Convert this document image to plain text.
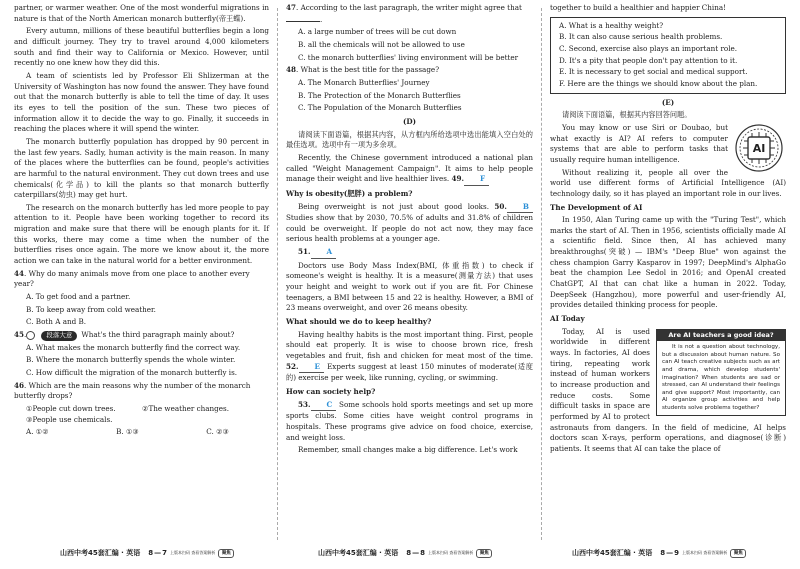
partner, or warmer weather. One of the most wonderful migrations in nature is that of the North American monarch butterfly(帝王蝶).

Every autumn, millions of these beautiful butterflies begin a long and difficult journey. They try to travel around 4,000 kilometers south and find their way to California or Mexico. However, until recently no one knew how they did this.

A team of scientists led by Professor Eli Shlizerman at the University of Washington has now found the answer. They have found out that the monarch butterfly is able to tell the time of day. It uses its eyes to tell the position of the sun. These two pieces of information allow it to decide the way to go. Finally, it succeeds in reaching the places where it will spend the winter.

The monarch butterfly population has dropped by 90 percent in the last few years. Sadly, human activity is the main reason. In many of the places where the butterflies can be found, people's activities are harmful to the natural environment. They cut down trees and use chemicals(化学品) to kill the plants so that monarch butterfly caterpillars(幼虫) may get hurt.

The research on the monarch butterfly has led more people to pay attention to it. People have been working together to record its migration and make sure that there will be enough plants for it. If this works, there may come a time when the number of the butterflies rises once again. The more we know about it, the more action we can take in the natural world for a better environment.

44. Why do many animals move from one place to another every year?
A. To get food and a partner.
B. To keep away from cold weather.
C. Both A and B.
45.	段落大意 What's the third paragraph mainly about?
A. What makes the monarch butterfly find the correct way.
B. Where the monarch butterfly spends the whole winter.
C. How difficult the migration of the monarch butterfly is.
46. Which are the main reasons why the number of the monarch butterfly drops?
①People cut down trees.	②The weather changes.
③People use chemicals.
A. ①②	B. ①③	C. ②③
47. According to the last paragraph, the writer might agree that .
A. a large number of trees will be cut down
B. all the chemicals will not be allowed to use
C. the monarch butterflies' living environment will be better
48. What is the best title for the passage?
A. The Monarch Butterflies' Journey
B. The Protection of the Monarch Butterflies
C. The Population of the Monarch Butterflies
(D)

请阅读下面语篇，根据其内容，从方框内所给选项中选出能填入空白处的最佳选项。选项中有一项为多余项。

Recently, the Chinese government introduced a national plan called "Weight Management Campaign". It aims to help people manage their weight and live healthier lives. 49. F

Why is obesity(肥胖) a problem?

Being overweight is not just about good looks. 50. B Studies show that by 2030, 70.5% of adults and 31.8% of children could be overweight. If people do not act now, they may face serious health problems at a younger age.

51. A

Doctors use Body Mass Index(BMI, 体重指数) to check if someone's weight is healthy. It is a measure(测量方法) that uses your height and weight to work out if you are fit. For Chinese teenagers, a BMI between 15 and 22 is healthy. However, a BMI of 23 means overweight, and over 26 means obesity.

What should we do to keep healthy?

Having healthy habits is the most important thing. First, people should eat properly. It is wise to choose brown rice, fresh vegetables and fruit, fish and chicken for meat most of the time. 52. E Experts suggest at least 150 minutes of moderate(适度的) exercise per week, like running, cycling, or swimming.

How can society help?

53. C Some schools hold sports meetings and set up more sports clubs. Some cities have weight control programs in hospitals. These programs give advice on food choice, exercise, and weight loss.

Remember, small changes make a big difference. Let's work

together to build a healthier and happier China!

A. What is a healthy weight?
B. It can also cause serious health problems.
C. Second, exercise also plays an important role.
D. It's a pity that people don't pay attention to it.
E. It is necessary to get social and medical support.
F. Here are the things we should know about the plan.
(E)

请阅读下面语篇，根据其内容回答问题。

AI

You may know or use Siri or Doubao, but what exactly is AI? AI refers to computer systems that are able to perform tasks that usually require human intelligence.

Without realizing it, people all over the world use different forms of Artificial Intelligence (AI) technology daily, so it has played an important role in our lives.

The Development of AI

In 1950, Alan Turing came up with the "Turing Test", which marks the start of AI. Then in 1956, scientists officially made AI a scientific field. Since then, AI has achieved many breakthroughs(突破) — IBM's "Deep Blue" won against the chess champion Garry Kasparov in 1997; DeepMind's AlphaGo beat the champion Lee Sedol in 2016; and OpenAI created ChatGPT, AI that can chat like a human in 2022. Today, DeepSeek (Hangzhou), more powerful and user-friendly AI, provides detailed thinking process for people.

AI Today
Are AI teachers a good idea?
It is not a question about technology, but a discussion about human nature. So can AI teach creative subjects such as art and drama, which develop students' imagination? When students are sad or stressed, can AI understand their feelings and give support? Most importantly, can AI organize group activities and help students solve problems together?

Today, AI is used worldwide in different ways. In factories, AI does tiring, repeating work instead of human workers to increase production and reduce costs. Some difficult tasks in space are performed by AI to protect astronauts from dangers. In the field of medicine, AI helps doctors scan X-rays, perform operations, and diagnose(诊断) patients. It seems that AI can take the place of

山西中考45套汇编 · 英语 8—7 上版本扫码 查看答案解析	聚焦	山西中考45套汇编 · 英语 8—8 上版本扫码 查看答案解析	聚焦	山西中考45套汇编 · 英语 8—9 上版本扫码 查看答案解析	聚焦
